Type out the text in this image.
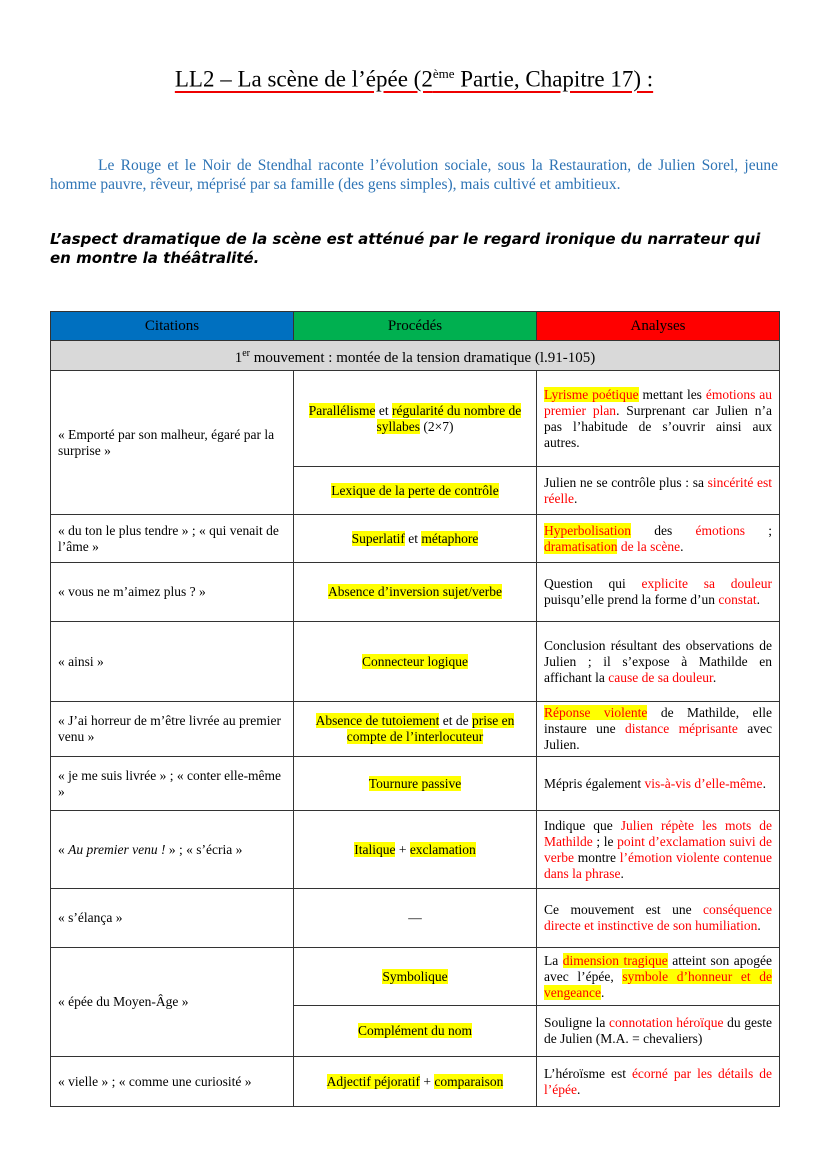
LL2 – La scène de l’épée (2ème Partie, Chapitre 17) :
Le Rouge et le Noir de Stendhal raconte l’évolution sociale, sous la Restauration, de Julien Sorel, jeune homme pauvre, rêveur, méprisé par sa famille (des gens simples), mais cultivé et ambitieux.
L’aspect dramatique de la scène est atténué par le regard ironique du narrateur qui en montre la théâtralité.
Citations	Procédés	Analyses
1er mouvement : montée de la tension dramatique (l.91-105)		
« Emporté par son malheur, égaré par la surprise »	Parallélisme et régularité du nombre de syllabes (2×7)	Lyrisme poétique mettant les émotions au premier plan. Surprenant car Julien n’a pas l’habitude de s’ouvrir ainsi aux autres.
	Lexique de la perte de contrôle	Julien ne se contrôle plus : sa sincérité est réelle.
« du ton le plus tendre » ; « qui venait de l’âme »	Superlatif et métaphore	Hyperbolisation des émotions ; dramatisation de la scène.
« vous ne m’aimez plus ? »	Absence d’inversion sujet/verbe	Question qui explicite sa douleur puisqu’elle prend la forme d’un constat.
« ainsi »	Connecteur logique	Conclusion résultant des observations de Julien ; il s’expose à Mathilde en affichant la cause de sa douleur.
« J’ai horreur de m’être livrée au premier venu »	Absence de tutoiement et de prise en compte de l’interlocuteur	Réponse violente de Mathilde, elle instaure une distance méprisante avec Julien.
« je me suis livrée » ; « conter elle-même »	Tournure passive	Mépris également vis-à-vis d’elle-même.
« Au premier venu ! » ; « s’écria »	Italique + exclamation	Indique que Julien répète les mots de Mathilde ; le point d’exclamation suivi de verbe montre l’émotion violente contenue dans la phrase.
« s’élança »	—	Ce mouvement est une conséquence directe et instinctive de son humiliation.
« épée du Moyen-Âge »	Symbolique	La dimension tragique atteint son apogée avec l’épée, symbole d’honneur et de vengeance.
	Complément du nom	Souligne la connotation héroïque du geste de Julien (M.A. = chevaliers)
« vielle » ; « comme une curiosité »	Adjectif péjoratif + comparaison	L’héroïsme est écorné par les détails de l’épée.
